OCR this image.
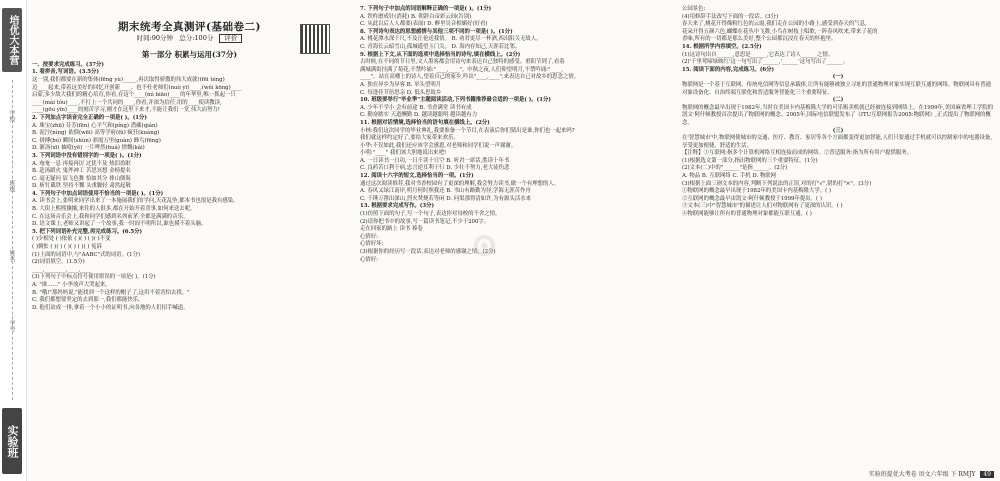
培优大本营
学校
班级
姓名
学号
实验班
期末统考全真测评(基础卷二)
时间:90分钟 总分:100分 评价
第一部分 积累与运用(37分)
一、按要求完成练习。(37分)
1. 看拼音,写词语。(3.5分)
这一别,我们都要在新的集体(fēng yù)_____,再次取得骄傲的伟大成就!(fēi téng)
迈____起来,带着这美好的回忆开创新____。也不枉老师们(nuò yī)____,(wéi kōng)____
启蒙,多少敌大我们的精心培育,你看,在这个____(mì biāo)____的年华里,唯一抓起一只
____(mài tóu)____,不打上一个共同的____,你看,并深为信任,用的____使读教读,
____(gōu yīn)____的刻苦学习,刚才在这里下来才,不能让我们一堂,伟大而努力!
2. 下列加点字读音完全正确的一项是( )。(1分)
A. 珠宝(zhū) 芬芳(fēn) 心平气和(píng) 潜藏(qián)
B. 泥泞(nìng) 依偎(wēi) 高等学府(fǔ) 疯狂(kuáng)
C. 拼搏(bó) 瞬间(shùn) 彩霞万里(guàn) 蜂鸟(fēng)
D. 淅沥(xī) 抽噎(yē) 一片哗然(huá) 愤慨(kǎi)
3. 下列词语中没有错别字的一项是( )。(1分)
A. 奄奄一息 再接再厉 过犹不及 热泪盈眶
B. 赴汤蹈火 鬼斧神工 苦思冥想 金榜提名
C. 毫无疑问 眉飞色舞 恰如其分 排山倒海
D. 斩钉截铁 坚持不懈 头重脚轻 肃然起敬
4. 下列句子中加点词语使用不恰当的一项是( )。(1分)
A. 读书会上,张明来同学出来了一本施展我们的学问,天花乱坠,都本书也很是我有感染。
B. 大街上熙熙攘攘,来往的人很多,都在开始开着喜事,如何来送去呢。
C. 在这场音乐会上,我和同学们感到名列前茅,全都是满满的音乐。
D. 语文课上,老师又讲起了一个故事,我一时间不明所以,谁也摸不着头脑。
5. 把下列词语补充完整,再完成练习。(6.5分)
( )少相处 ( )依依 ( )( ) ( )( )不变
( )惆怅 ( )( ) ( )( ) ( )( ) 冤诉
(1)上面的词语中,与"AABC"式的词语。(1分)
(2)词语填空。(1.5分)
____,________,____,____
(3)下列句子中标点符号使用错误的一项是( )。(1分)
A. "谁……" 小李放声大哭起来。
B. "哦!"那妈妈说,"能找到一个这样的帽子了,这用不着害怕去找。"
C. 我们都想要坚定的去到那一,我们都能快乐。
D. 他们站成一排,拿着一个小小的证明书,向各地的人们招手喊道。
7. 下列句子中加点的词语解释正确的一项是( )。(1分)
A. 铁杵磨成针(消耗) B. 朝辞白帝彩云间(告别)
C. 从此以后人人都要(表面) D. 醉里吴音相媚好(好看)
8. 下列诗句表达的思想感情与其他三项不同的一项是( )。(1分)
A. 桃花潭水深千尺,不及汪伦送我情。 B. 劝君更尽一杯酒,西出阳关无故人。
C. 青海长云暗雪山,孤城遥望玉门关。 D. 海内存知己,天涯若比邻。
9. 根据上下文,从下面的选项中选择恰当的诗句,填在横线上。(2分)
古时候,在不同的节日里,文人墨客都会用诗句来表达自己独特的感受。重阳节到了,看着
满城满街挂满了菊花,不禁吟诵:"____,____"。中秋之夜,人们仰望明月,不禁吟诵:"____,
____"。站在高楼上的诗人,望着自己的家乡,吟出"____,____",来表达自己对故乡的思念之情。
A. 独在异乡为异客 B. 举头望明月
C. 每逢佳节倍思亲 D. 低头思故乡
10. 班级要举行"毕业季"主题阅读活动,下列书籍推荐最合适的一项是( )。(1分)
A. 少年不学小 会有前途 B. 书香满堂 读书有成
C. 勤奋踏实 天道酬勤 D. 越读越聪明 越读越有力
11. 根据对话情境,选择恰当的语句填在横线上。(2分)
小林:我们这次同学的毕业典礼,我要准备一个节目,在表演后你们猜出是谁,你们也一起来吗?
我们就这样约定好了,要给大家带来欢乐。
小华:不仅如此,我们还应该学会感恩,对老师和同学们说一声谢谢。
小明:"____" 我们该大胆地说出来吧!
A. 一日读书一日功,一日不读十日空 B. 听君一席话,胜读十年书
C. 良药苦口利于病,忠言逆耳利于行 D. 少壮不努力,老大徒伤悲
12. 阅读十六字的短文,选择恰当的一项。(1分)
通过这次阅读推荐,我对书香校园有了更深的理解,我会努力读书,做一个有理想的人。
A. 春风又绿江南岸,明月何时照我还 B. 书山有路勤为径,学海无涯苦作舟
C. 千锤万凿出深山,烈火焚烧若等闲 D. 问渠那得清如许,为有源头活水来
13. 根据要求完成写作。(3分)
(1)仿照下面的句子,写一个句子,表达你对母校的不舍之情。
(2)请你把书中的故事,写一篇读书笔记,不少于200字。
走在回家的路上 读书 捧卷
心情好:
心情好坏:
(3)根据你的经历写一段话,表达对老师的感谢之情。(2分)
心情好:
公园景色:
(4)用修辞手法改写下面的一段话。(3分)
春天来了,桃花开得像粉红色的云霞,我们走在公园的小路上,感受到春天的气息,
花朵开得五颜六色,蝴蝶在花丛中飞舞,小鸟在树枝上唱歌,一阵春风吹来,带来了花的
香味,所有的一切都是那么美好,整个公园都沉浸在春天的怀抱里。
14. 根据所学内容填空。(2.5分)
(1)这诗句出自______,意思是______,它表达了诗人______之情。
(2)'千里莺啼绿映红'这一句写出了______,'______'这句写出了______。
15. 阅读下面的内容,完成练习。(6分)
(一)
物联网是一个基于互联网、传统电信网等信息承载体,让所有能够被独立寻址的普通物理对象实现互联互通的网络。物联网具有普通对象设备化、自治终端互联化和普适服务智能化三个重要特征。
(二)
物联网的概念最早出现于1982年,当时在美国卡内基梅隆大学的可乐贩卖机就已经被连接到网络上。在1999年,美国麻省理工学院的凯文·阿什顿教授首次提出了物联网的概念。2005年,国际电信联盟发布了《ITU互联网报告2005:物联网》,正式提出了物联网的概念。
(三)
在'智慧城市'中,物联网使城市的交通、医疗、教育、家居等各个方面都变得更加智能,人们只要通过手机就可以控制家中的电器设备,享受更加便捷、舒适的生活。
【注释】①互联网:指多个计算机网络互相连接而成的网络。②普适服务:指为所有用户提供服务。
(1)根据选文第一部分,指出物联网的三个重要特征。(1分)
(2)文本(二)中的"______"是指______。(2分)
A. 物品 B. 互联网络 C. 手机 D. 物联网
(3)根据上面三则文本的内容,判断下列说法的正误,对的打"√",错的打"×"。(3分)
①物联网的概念最早出现于1982年的美国卡内基梅隆大学。( )
②互联网的概念最早由凯文·阿什顿教授于1999年提出。( )
③文本(三)中"智慧城市"的描述让人们对物联网有了更深的认识。( )
④物联网能够让所有的普通物理对象都能互联互通。( )
⊙
实验班提优大考卷 语文六年级 下 RMJY 49
